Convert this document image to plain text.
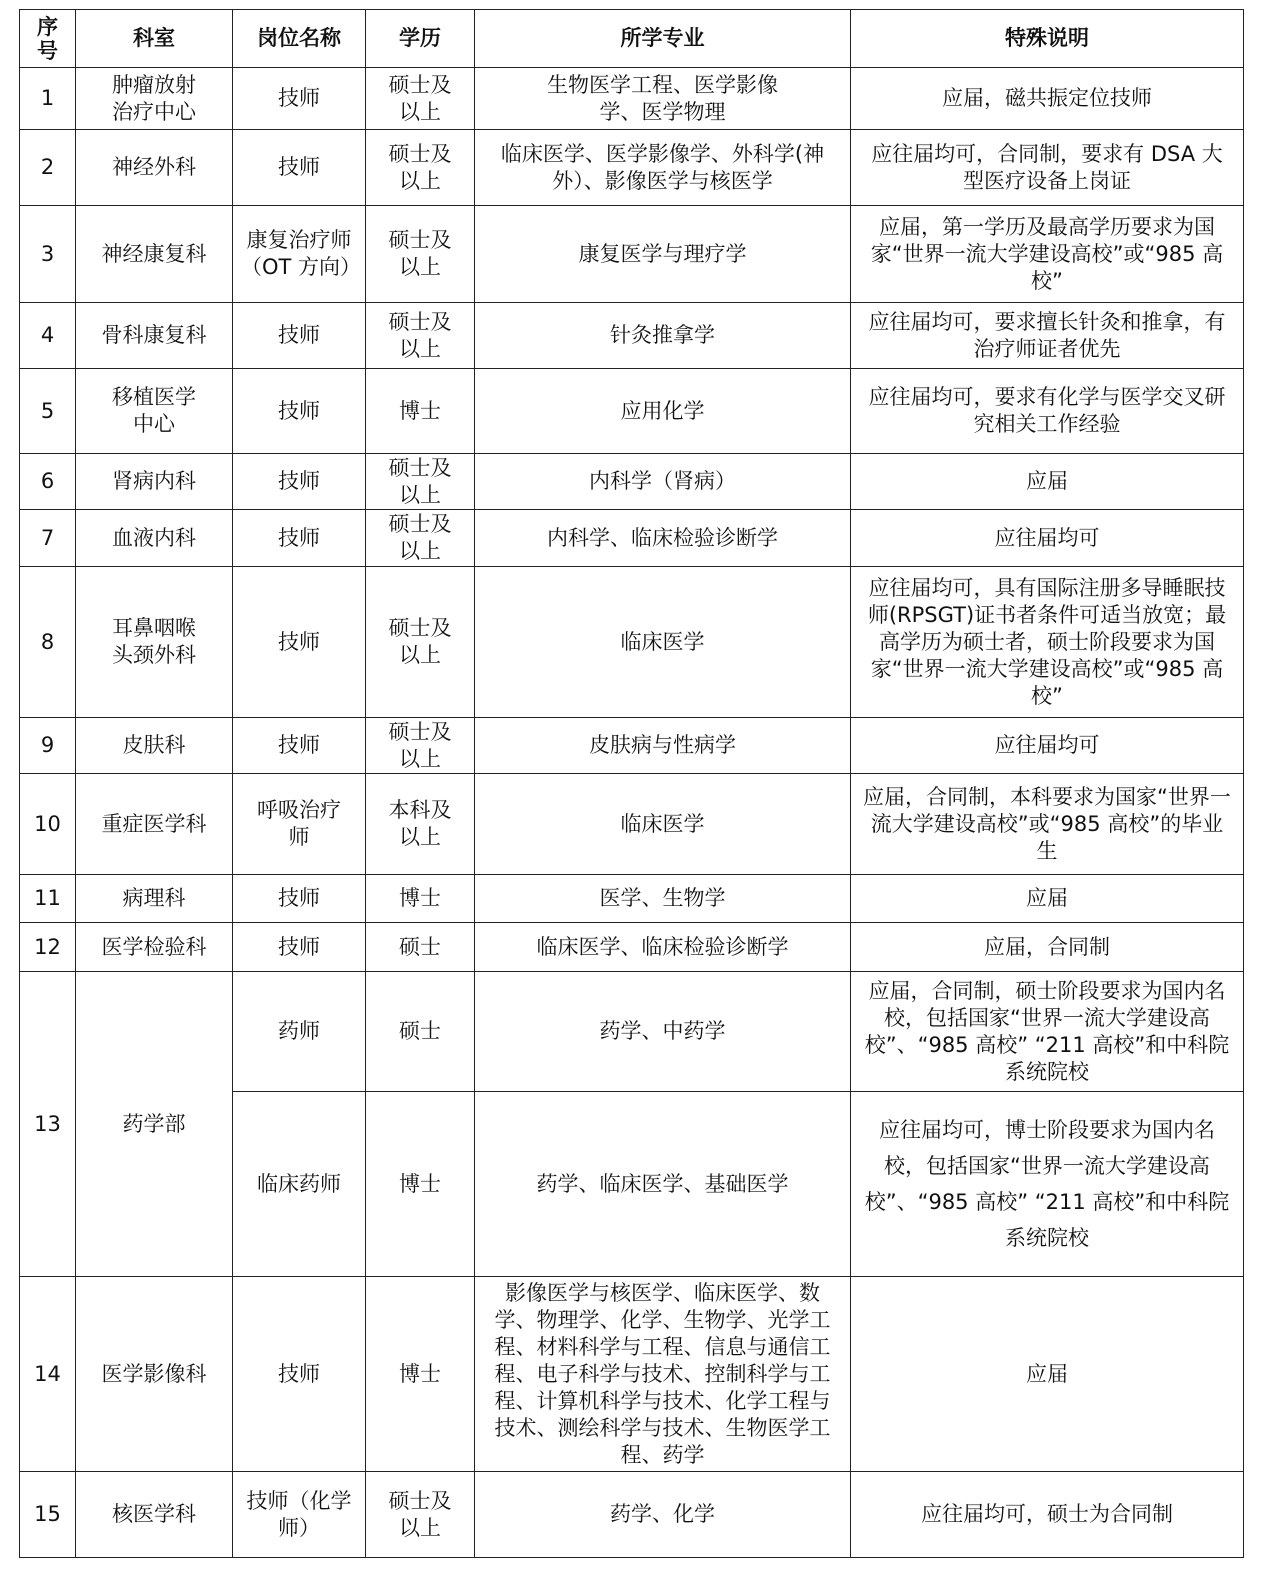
序号	科室	岗位名称	学历	所学专业	特殊说明
1	肿瘤放射治疗中心	技师	硕士及以上	生物医学工程、医学影像学、医学物理	应届，磁共振定位技师
2	神经外科	技师	硕士及以上	临床医学、医学影像学、外科学(神外）、影像医学与核医学	应往届均可，合同制，要求有 DSA 大型医疗设备上岗证
3	神经康复科	康复治疗师（OT 方向）	硕士及以上	康复医学与理疗学	应届，第一学历及最高学历要求为国家“世界一流大学建设高校”或“985 高校”
4	骨科康复科	技师	硕士及以上	针灸推拿学	应往届均可，要求擅长针灸和推拿，有治疗师证者优先
5	移植医学中心	技师	博士	应用化学	应往届均可，要求有化学与医学交叉研究相关工作经验
6	肾病内科	技师	硕士及以上	内科学（肾病）	应届
7	血液内科	技师	硕士及以上	内科学、临床检验诊断学	应往届均可
8	耳鼻咽喉头颈外科	技师	硕士及以上	临床医学	应往届均可，具有国际注册多导睡眠技师(RPSGT)证书者条件可适当放宽；最高学历为硕士者，硕士阶段要求为国家“世界一流大学建设高校”或“985 高校”
9	皮肤科	技师	硕士及以上	皮肤病与性病学	应往届均可
10	重症医学科	呼吸治疗师	本科及以上	临床医学	应届，合同制，本科要求为国家“世界一流大学建设高校”或“985 高校”的毕业生
11	病理科	技师	博士	医学、生物学	应届
12	医学检验科	技师	硕士	临床医学、临床检验诊断学	应届，合同制
13	药学部	药师	硕士	药学、中药学	应届，合同制，硕士阶段要求为国内名校，包括国家“世界一流大学建设高校”、“985 高校” “211 高校”和中科院系统院校
		临床药师	博士	药学、临床医学、基础医学	应往届均可，博士阶段要求为国内名校，包括国家“世界一流大学建设高校”、“985 高校” “211 高校”和中科院系统院校
14	医学影像科	技师	博士	影像医学与核医学、临床医学、数学、物理学、化学、生物学、光学工程、材料科学与工程、信息与通信工程、电子科学与技术、控制科学与工程、计算机科学与技术、化学工程与技术、测绘科学与技术、生物医学工程、药学	应届
15	核医学科	技师（化学师）	硕士及以上	药学、化学	应往届均可，硕士为合同制
